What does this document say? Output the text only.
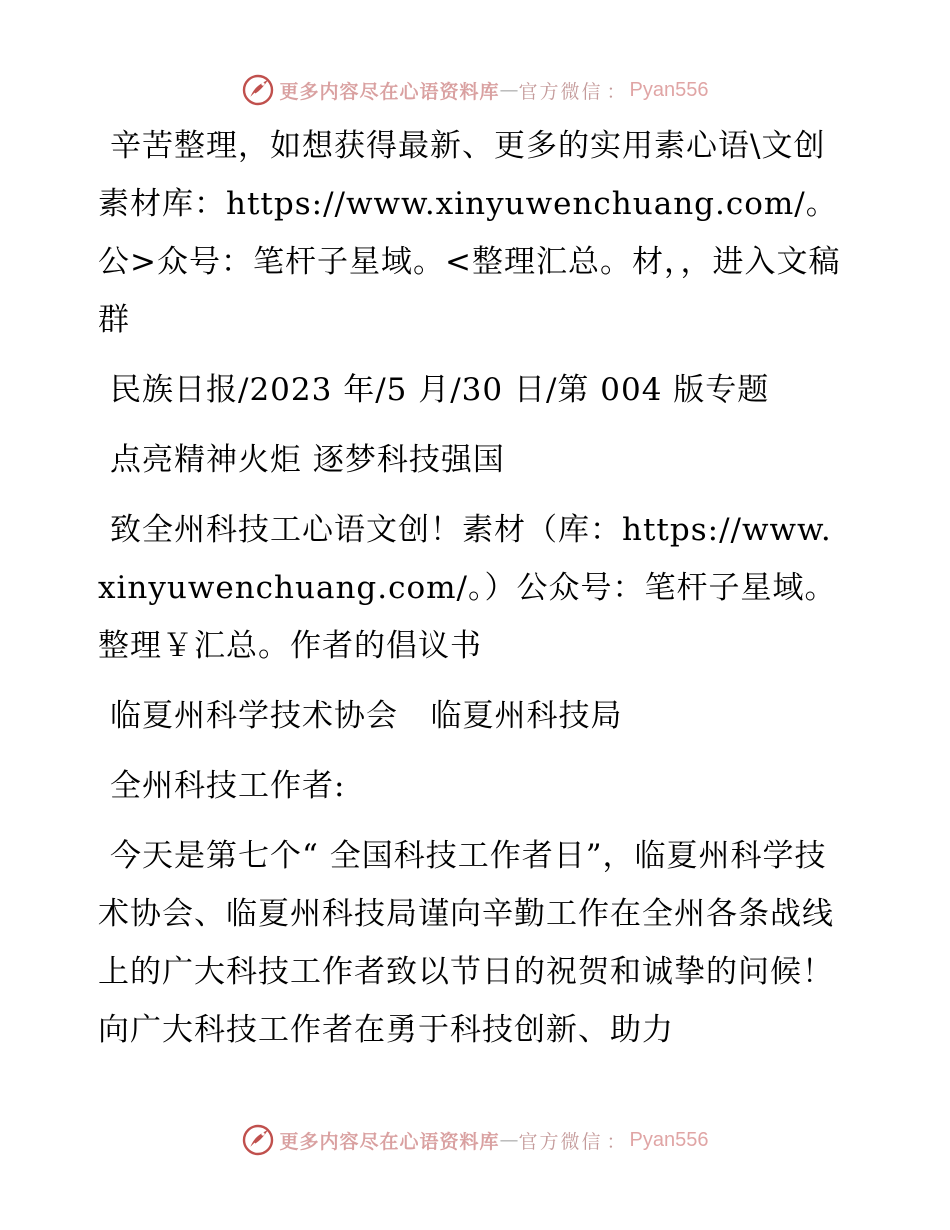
更多内容尽在心语资料库 — 官方微信 ： Pyan556

辛苦整理，如想获得最新、更多的实用素心语\文创素材库：https://www.xinyuwenchuang.com/。公>众号：笔杆子星域。<整理汇总。材，，进入文稿群

民族日报/2023 年/5 月/30 日/第 004 版专题

点亮精神火炬 逐梦科技强国

致全州科技工心语文创！素材（库：https://www.xinyuwenchuang.com/。）公众号：笔杆子星域。整理￥汇总。作者的倡议书

临夏州科学技术协会   临夏州科技局

全州科技工作者:

今天是第七个“ 全国科技工作者日”，临夏州科学技术协会、临夏州科技局谨向辛勤工作在全州各条战线上的广大科技工作者致以节日的祝贺和诚挚的问候！向广大科技工作者在勇于科技创新、助力

更多内容尽在心语资料库 — 官方微信 ： Pyan556
